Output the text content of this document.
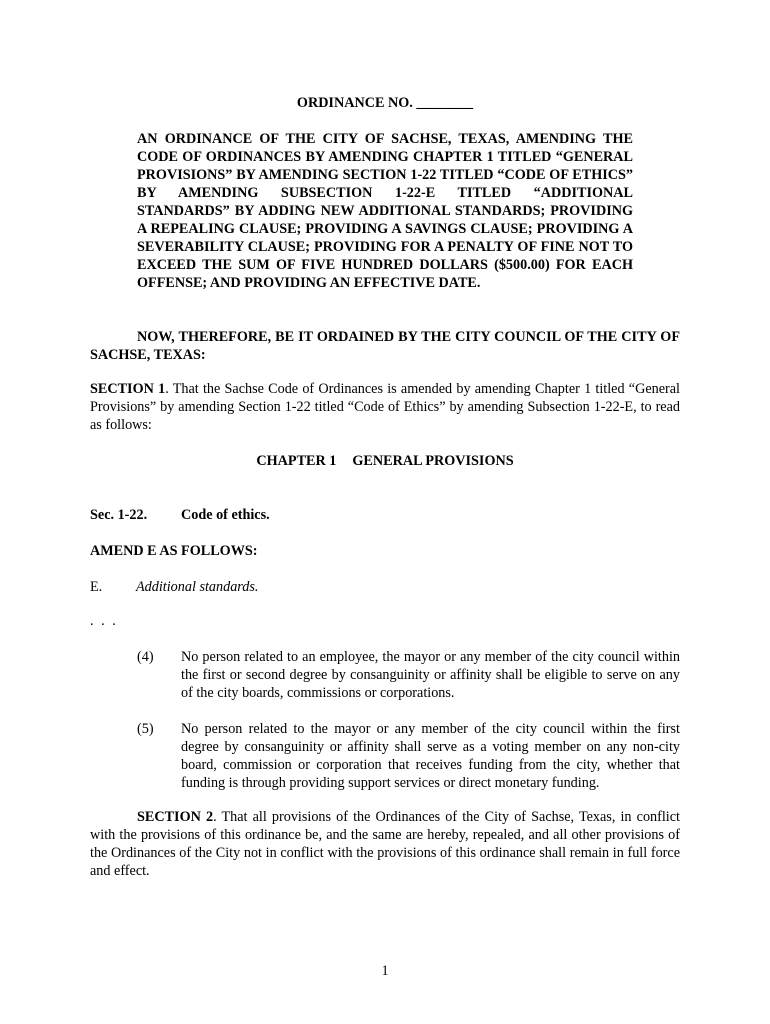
ORDINANCE NO. ________

AN ORDINANCE OF THE CITY OF SACHSE, TEXAS, AMENDING THE CODE OF ORDINANCES BY AMENDING CHAPTER 1 TITLED “GENERAL PROVISIONS” BY AMENDING SECTION 1-22 TITLED “CODE OF ETHICS” BY AMENDING SUBSECTION 1-22-E TITLED “ADDITIONAL STANDARDS” BY ADDING NEW ADDITIONAL STANDARDS; PROVIDING A REPEALING CLAUSE; PROVIDING A SAVINGS CLAUSE; PROVIDING A SEVERABILITY CLAUSE; PROVIDING FOR A PENALTY OF FINE NOT TO EXCEED THE SUM OF FIVE HUNDRED DOLLARS ($500.00) FOR EACH OFFENSE; AND PROVIDING AN EFFECTIVE DATE.

NOW, THEREFORE, BE IT ORDAINED BY THE CITY COUNCIL OF THE CITY OF SACHSE, TEXAS:

SECTION 1. That the Sachse Code of Ordinances is amended by amending Chapter 1 titled “General Provisions” by amending Section 1-22 titled “Code of Ethics” by amending Subsection 1-22-E, to read as follows:

CHAPTER 1 GENERAL PROVISIONS

Sec. 1-22. Code of ethics.

AMEND E AS FOLLOWS:

E. Additional standards.

. . .

(4)	No person related to an employee, the mayor or any member of the city council within the first or second degree by consanguinity or affinity shall be eligible to serve on any of the city boards, commissions or corporations.

(5)	No person related to the mayor or any member of the city council within the first degree by consanguinity or affinity shall serve as a voting member on any non-city board, commission or corporation that receives funding from the city, whether that funding is through providing support services or direct monetary funding.

SECTION 2. That all provisions of the Ordinances of the City of Sachse, Texas, in conflict with the provisions of this ordinance be, and the same are hereby, repealed, and all other provisions of the Ordinances of the City not in conflict with the provisions of this ordinance shall remain in full force and effect.

1
